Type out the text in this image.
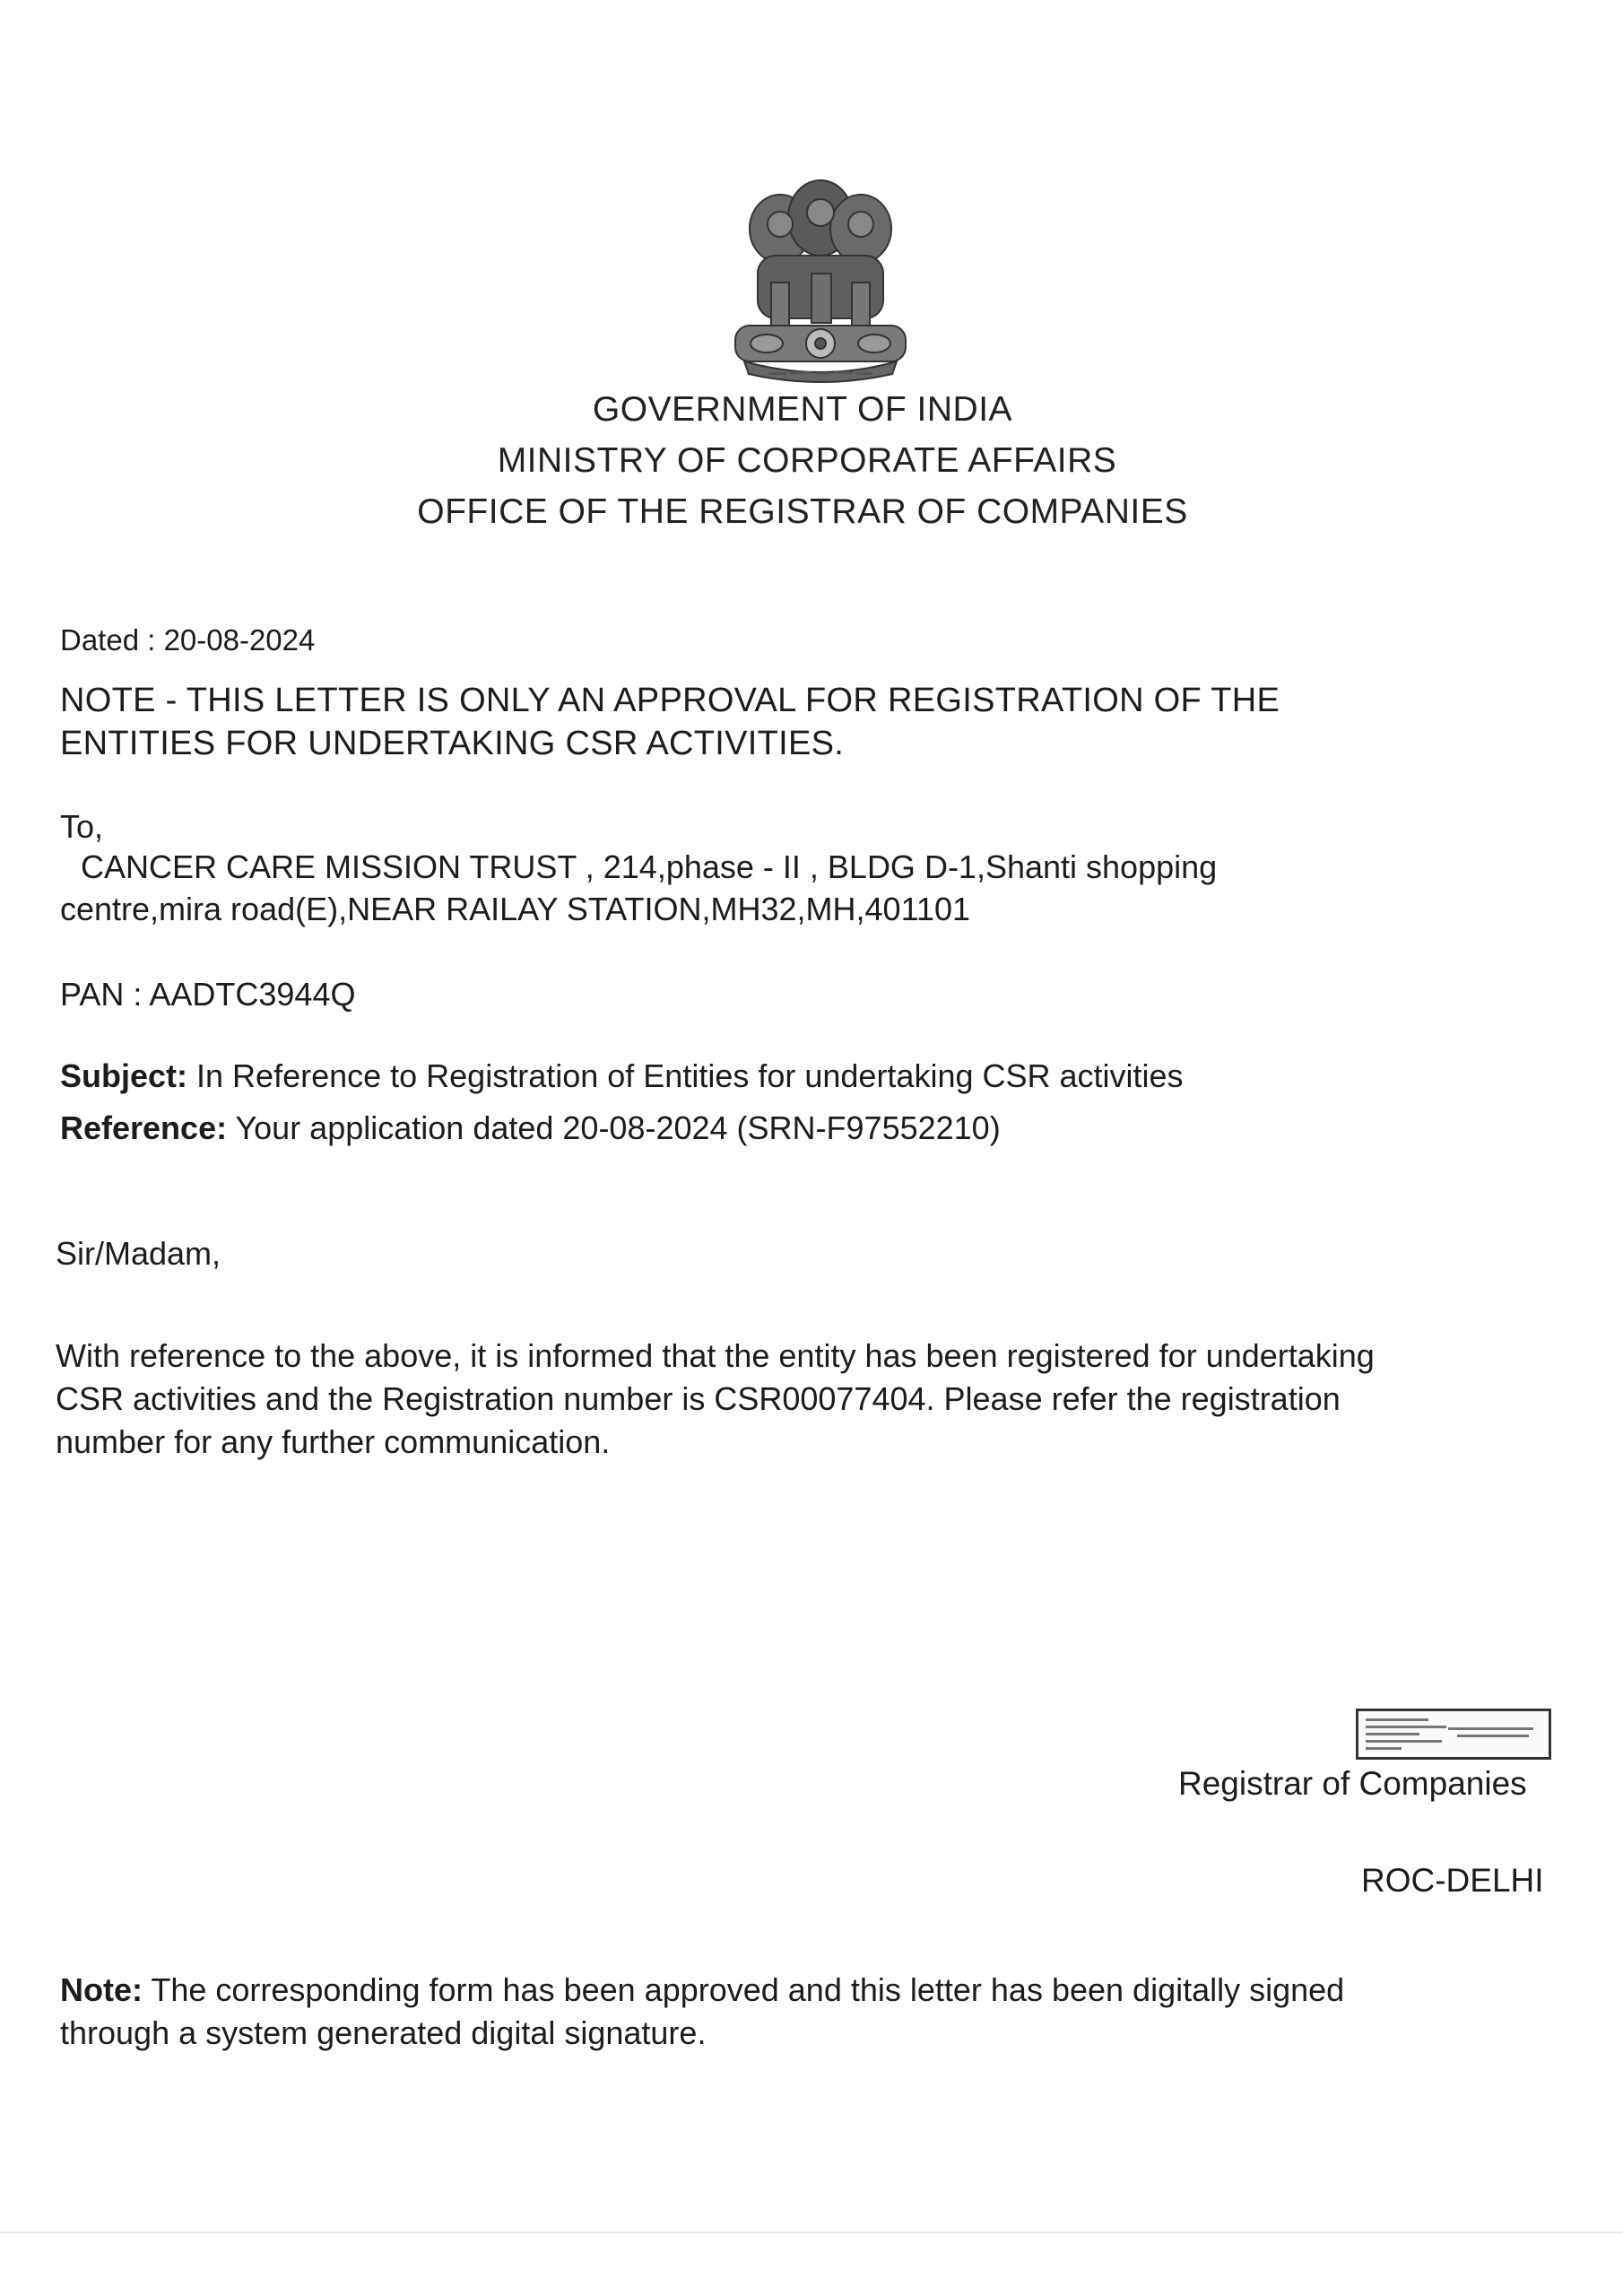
GOVERNMENT OF INDIA
MINISTRY OF CORPORATE AFFAIRS
OFFICE OF THE REGISTRAR OF COMPANIES
Dated : 20-08-2024
NOTE - THIS LETTER IS ONLY AN APPROVAL FOR REGISTRATION OF THE
ENTITIES FOR UNDERTAKING CSR ACTIVITIES.
To,
CANCER CARE MISSION TRUST , 214,phase - II , BLDG D-1,Shanti shopping
centre,mira road(E),NEAR RAILAY STATION,MH32,MH,401101
PAN : AADTC3944Q
Subject: In Reference to Registration of Entities for undertaking CSR activities
Reference: Your application dated 20-08-2024 (SRN-F97552210)
Sir/Madam,
With reference to the above, it is informed that the entity has been registered for undertaking
CSR activities and the Registration number is CSR00077404. Please refer the registration
number for any further communication.
Registrar of Companies
ROC-DELHI
Note: The corresponding form has been approved and this letter has been digitally signed
through a system generated digital signature.
